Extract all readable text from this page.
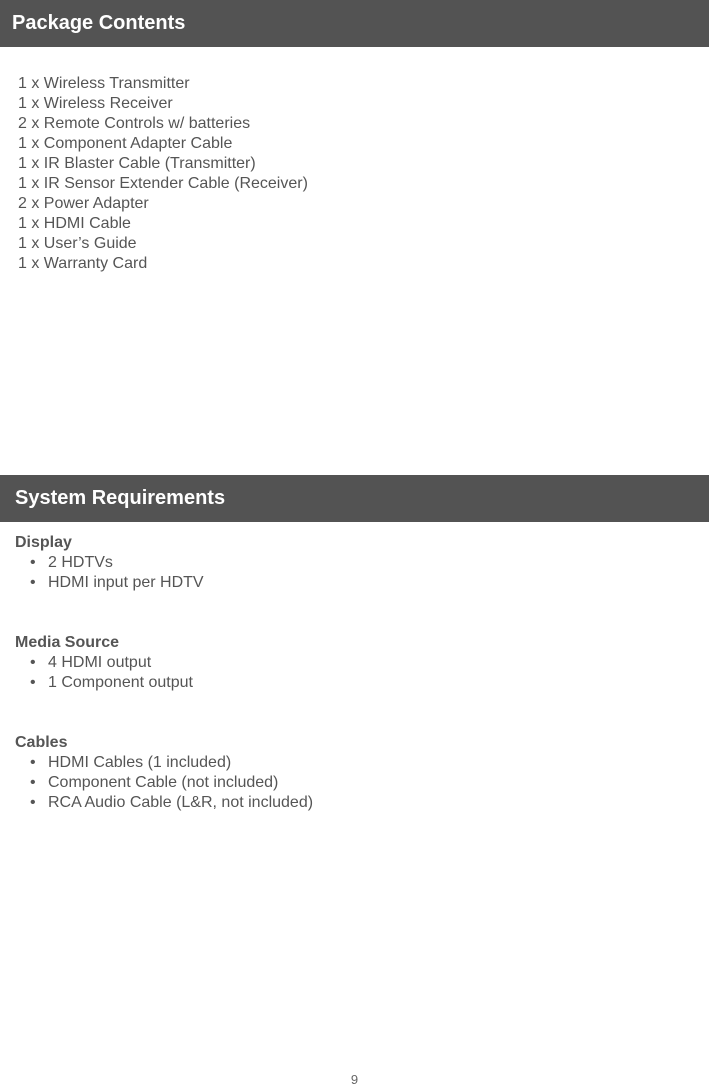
Package Contents
1 x Wireless Transmitter
1 x Wireless Receiver
2 x Remote Controls w/ batteries
1 x Component Adapter Cable
1 x IR Blaster Cable (Transmitter)
1 x IR Sensor Extender Cable (Receiver)
2 x Power Adapter
1 x HDMI Cable
1 x User’s Guide
1 x Warranty Card
System Requirements

Display

• 2 HDTVs
• HDMI input per HDTV

Media Source

• 4 HDMI output
• 1 Component output

Cables

• HDMI Cables (1 included)
• Component Cable (not included)
• RCA Audio Cable (L&R, not included)
9
